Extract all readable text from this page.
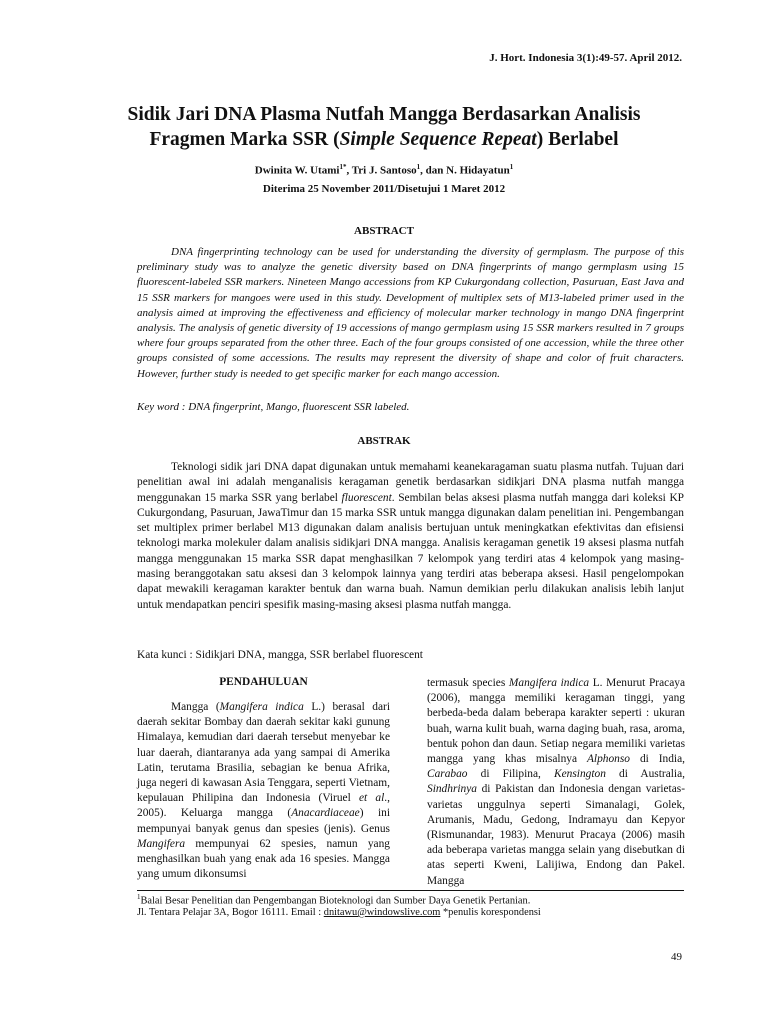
J. Hort. Indonesia 3(1):49-57. April 2012.
Sidik Jari DNA Plasma Nutfah Mangga Berdasarkan Analisis
Fragmen Marka SSR (Simple Sequence Repeat) Berlabel
Dwinita W. Utami$^{1*}$, Tri J. Santoso$^1$, dan N. Hidayatun$^1$
Diterima 25 November 2011/Disetujui 1 Maret 2012
ABSTRACT

DNA fingerprinting technology can be used for understanding the diversity of germplasm. The purpose of this preliminary study was to analyze the genetic diversity based on DNA fingerprints of mango germplasm using 15 fluorescent-labeled SSR markers. Nineteen Mango accessions from KP Cukurgondang collection, Pasuruan, East Java and 15 SSR markers for mangoes were used in this study. Development of multiplex sets of M13-labeled primer used in the analysis aimed at improving the effectiveness and efficiency of molecular marker technology in mango DNA fingerprint analysis. The analysis of genetic diversity of 19 accessions of mango germplasm using 15 SSR markers resulted in 7 groups where four groups separated from the other three. Each of the four groups consisted of one accession, while the three other groups consisted of some accessions. The results may represent the diversity of shape and color of fruit characters. However, further study is needed to get specific marker for each mango accession.

Key word : DNA fingerprint, Mango, fluorescent SSR labeled.
ABSTRAK

Teknologi sidik jari DNA dapat digunakan untuk memahami keanekaragaman suatu plasma nutfah. Tujuan dari penelitian awal ini adalah menganalisis keragaman genetik berdasarkan sidikjari DNA plasma nutfah mangga menggunakan 15 marka SSR yang berlabel fluorescent. Sembilan belas aksesi plasma nutfah mangga dari koleksi KP Cukurgondang, Pasuruan, JawaTimur dan 15 marka SSR untuk mangga digunakan dalam penelitian ini. Pengembangan set multiplex primer berlabel M13 digunakan dalam analisis bertujuan untuk meningkatkan efektivitas dan efisiensi teknologi marka molekuler dalam analisis sidikjari DNA mangga. Analisis keragaman genetik 19 aksesi plasma nutfah mangga menggunakan 15 marka SSR dapat menghasilkan 7 kelompok yang terdiri atas 4 kelompok yang masing-masing beranggotakan satu aksesi dan 3 kelompok lainnya yang terdiri atas beberapa aksesi. Hasil pengelompokan dapat mewakili keragaman karakter bentuk dan warna buah. Namun demikian perlu dilakukan analisis lebih lanjut untuk mendapatkan penciri spesifik masing-masing aksesi plasma nutfah mangga.

Kata kunci : Sidikjari DNA, mangga, SSR berlabel fluorescent
PENDAHULUAN

Mangga (Mangifera indica L.) berasal dari daerah sekitar Bombay dan daerah sekitar kaki gunung Himalaya, kemudian dari daerah tersebut menyebar ke luar daerah, diantaranya ada yang sampai di Amerika Latin, terutama Brasilia, sebagian ke benua Afrika, juga negeri di kawasan Asia Tenggara, seperti Vietnam, kepulauan Philipina dan Indonesia (Viruel et al., 2005). Keluarga mangga (Anacardiaceae) ini mempunyai banyak genus dan spesies (jenis). Genus Mangifera mempunyai 62 spesies, namun yang menghasilkan buah yang enak ada 16 spesies. Mangga yang umum dikonsumsi

termasuk species Mangifera indica L. Menurut Pracaya (2006), mangga memiliki keragaman tinggi, yang berbeda-beda dalam beberapa karakter seperti : ukuran buah, warna kulit buah, warna daging buah, rasa, aroma, bentuk pohon dan daun. Setiap negara memiliki varietas mangga yang khas misalnya Alphonso di India, Carabao di Filipina, Kensington di Australia, Sindhrinya di Pakistan dan Indonesia dengan varietas-varietas unggulnya seperti Simanalagi, Golek, Arumanis, Madu, Gedong, Indramayu dan Kepyor (Rismunandar, 1983). Menurut Pracaya (2006) masih ada beberapa varietas mangga selain yang disebutkan di atas seperti Kweni, Lalijiwa, Endong dan Pakel. Mangga

$^1$Balai Besar Penelitian dan Pengembangan Bioteknologi dan Sumber Daya Genetik Pertanian.
Jl. Tentara Pelajar 3A, Bogor 16111. Email : dnitawu@windowslive.com *penulis korespondensi
49
